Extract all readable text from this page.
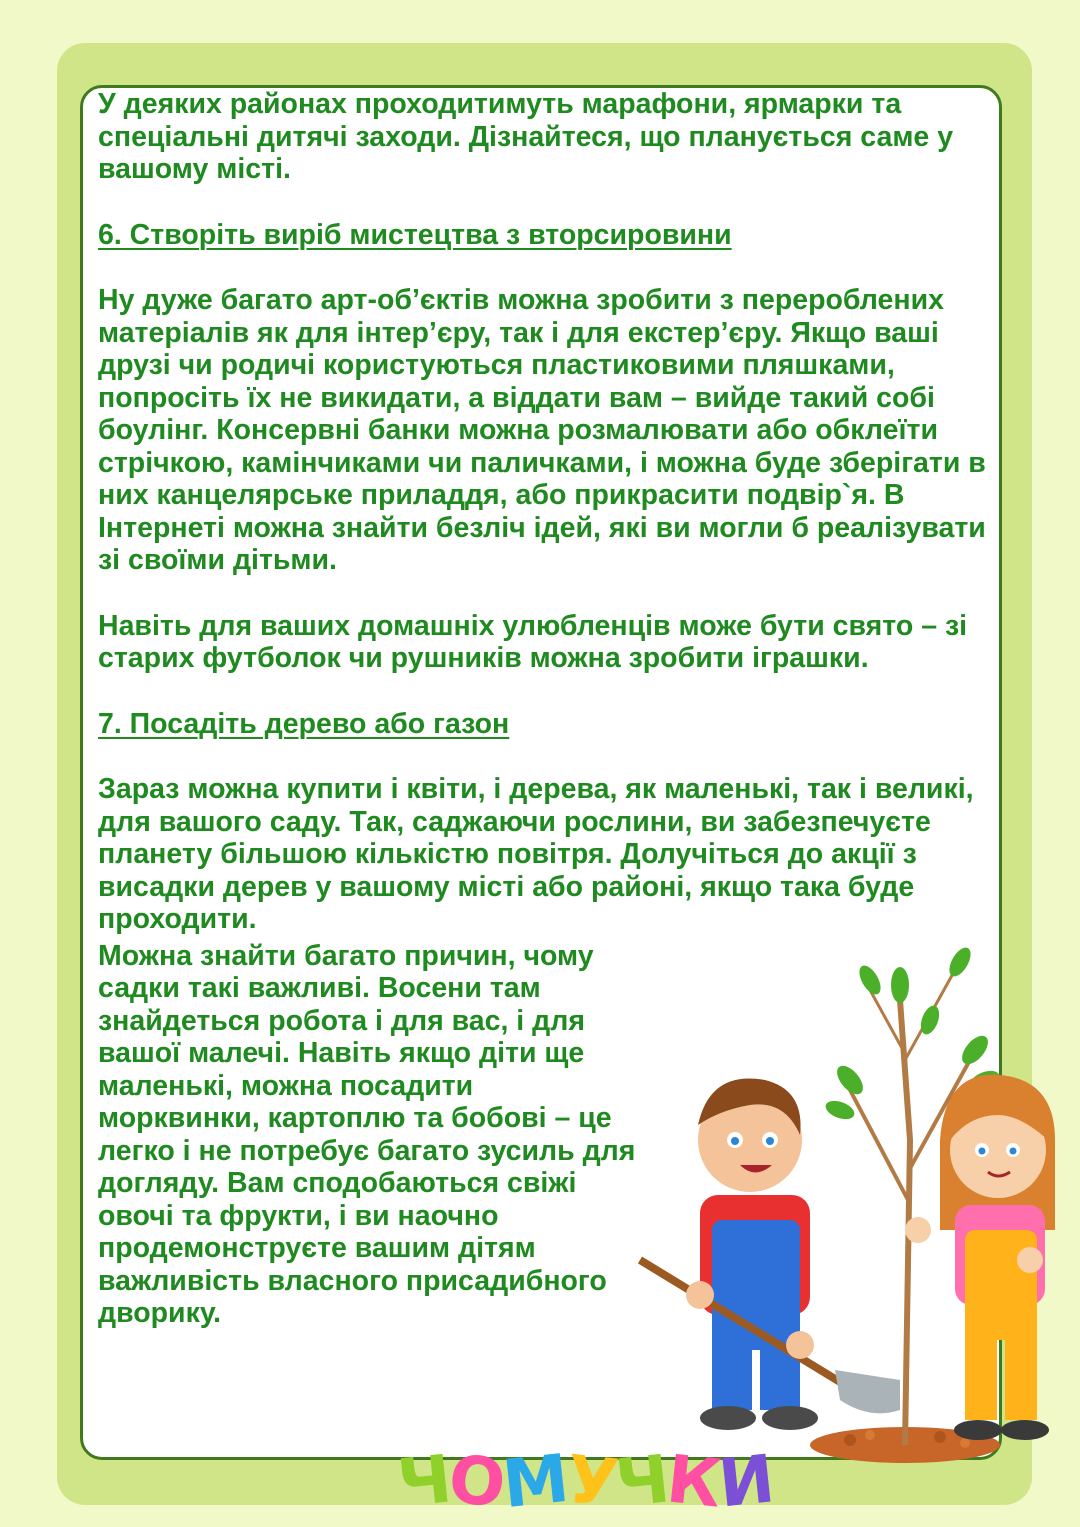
У деяких районах проходитимуть марафони, ярмарки та спеціальні дитячі заходи. Дізнайтеся, що планується саме у вашому місті.

6. Створіть виріб мистецтва з вторсировини

Ну дуже багато арт-об’єктів можна зробити з перероблених матеріалів як для інтер’єру, так і для екстер’єру. Якщо ваші друзі чи родичі користуються пластиковими пляшками, попросіть їх не викидати, а віддати вам – вийде такий собі боулінг. Консервні банки можна розмалювати або обклеїти стрічкою, камінчиками чи паличками, і можна буде зберігати в них канцелярське приладдя, або прикрасити подвір`я. В Інтернеті можна знайти безліч ідей, які ви могли б реалізувати зі своїми дітьми.

Навіть для ваших домашніх улюбленців може бути свято – зі старих футболок чи рушників можна зробити іграшки.

7. Посадіть дерево або газон

Зараз можна купити і квіти, і дерева, як маленькі, так і великі, для вашого саду. Так, саджаючи рослини, ви забезпечуєте планету більшою кількістю повітря. Долучіться до акції з висадки дерев у вашому місті або районі, якщо така буде проходити.

Можна знайти багато причин, чому садки такі важливі. Восени там знайдеться робота і для вас, і для вашої малечі. Навіть якщо діти ще маленькі, можна посадити морквинки, картоплю та бобові – це легко і не потребує багато зусиль для догляду. Вам сподобаються свіжі овочі та фрукти, і ви наочно продемонструєте вашим дітям важливість власного присадибного дворику.

ЧОМУЧКИ
